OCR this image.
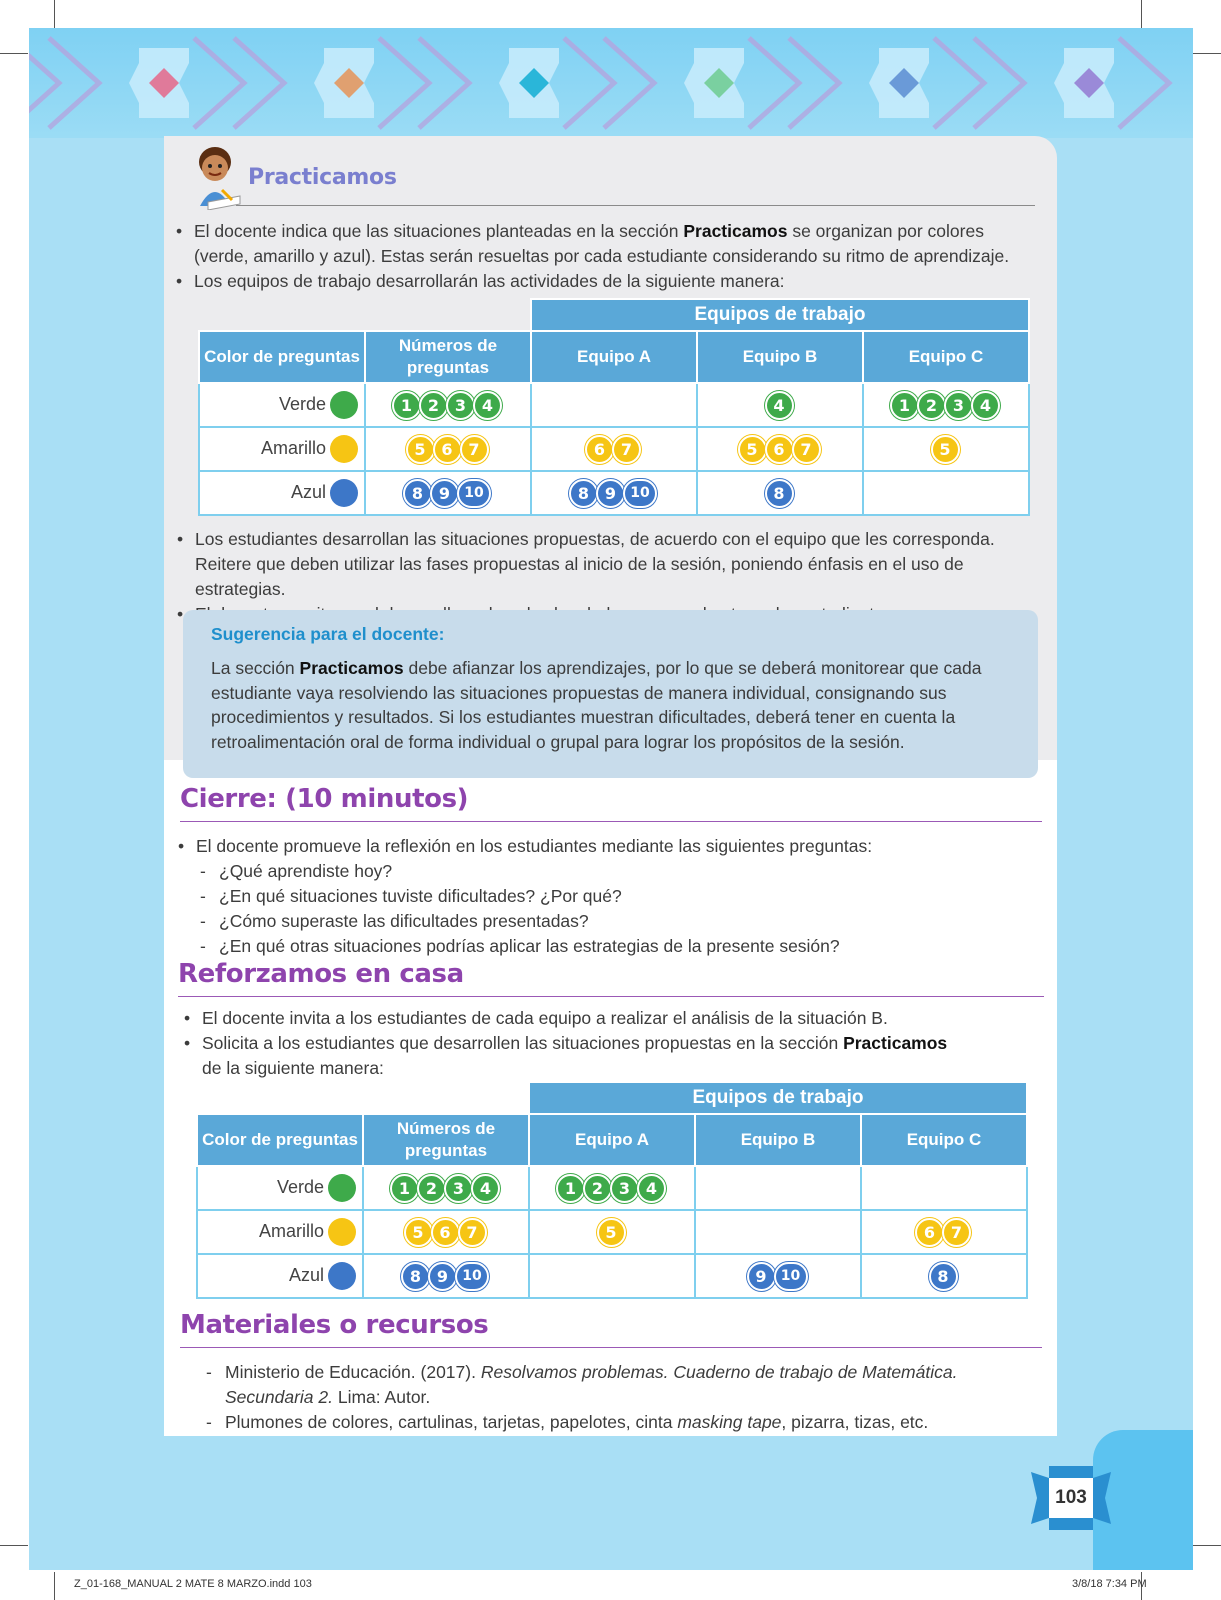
Practicamos
• El docente indica que las situaciones planteadas en la sección Practicamos se organizan por colores (verde, amarillo y azul). Estas serán resueltas por cada estudiante considerando su ritmo de aprendizaje.
• Los equipos de trabajo desarrollarán las actividades de la siguiente manera:
		Equipos de trabajo		
Color de preguntas	Números de preguntas	Equipo A	Equipo B	Equipo C
Verde	1 2 3 4		4	1 2 3 4

Amarillo	5 6 7	6 7	5 6 7	5

Azul	8 9 10	8 9 10	8	

• Los estudiantes desarrollan las situaciones propuestas, de acuerdo con el equipo que les corresponda. Reitere que deben utilizar las fases propuestas al inicio de la sesión, poniendo énfasis en el uso de estrategias.
•
Sugerencia para el docente:
La sección Practicamos debe afianzar los aprendizajes, por lo que se deberá monitorear que cada estudiante vaya resolviendo las situaciones propuestas de manera individual, consignando sus procedimientos y resultados. Si los estudiantes muestran dificultades, deberá tener en cuenta la retroalimentación oral de forma individual o grupal para lograr los propósitos de la sesión.
Cierre: (10 minutos)
• El docente promueve la reflexión en los estudiantes mediante las siguientes preguntas:
- ¿Qué aprendiste hoy?
- ¿En qué situaciones tuviste dificultades? ¿Por qué?
- ¿Cómo superaste las dificultades presentadas?
- ¿En qué otras situaciones podrías aplicar las estrategias de la presente sesión?
Reforzamos en casa
• El docente invita a los estudiantes de cada equipo a realizar el análisis de la situación B.
• Solicita a los estudiantes que desarrollen las situaciones propuestas en la sección Practicamos de la siguiente manera:
		Equipos de trabajo		
Color de preguntas	Números de preguntas	Equipo A	Equipo B	Equipo C
Verde	1 2 3 4	1 2 3 4		

Amarillo	5 6 7	5		6 7

Azul	8 9 10		9 10	8
Materiales o recursos
- Ministerio de Educación. (2017). Resolvamos problemas. Cuaderno de trabajo de Matemática. Secundaria 2. Lima: Autor.
- Plumones de colores, cartulinas, tarjetas, papelotes, cinta masking tape, pizarra, tizas, etc.
103
Z_01-168_MANUAL 2 MATE 8 MARZO.indd 103	3/8/18 7:34 PM
